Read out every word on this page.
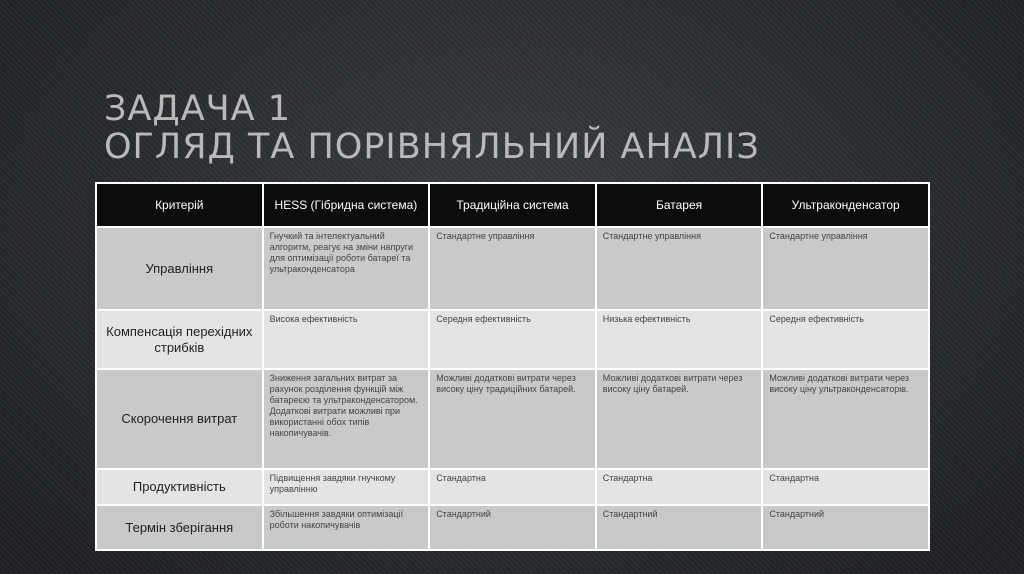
ЗАДАЧА 1
ОГЛЯД ТА ПОРІВНЯЛЬНИЙ АНАЛІЗ
Критерій	HESS (Гібридна система)	Традиційна система	Батарея	Ультраконденсатор
Управління	Гнучкий та інтелектуальний алгоритм, реагує на зміни напруги для оптимізації роботи батареї та ультраконденсатора	Стандартне управління	Стандартне управління	Стандартне управління
Компенсація перехідних стрибків	Висока ефективність	Середня ефективність	Низька ефективність	Середня ефективність
Скорочення витрат	Зниження загальних витрат за рахунок розділення функцій між батареєю та ультраконденсатором. Додаткові витрати можливі при використанні обох типів накопичувачів.	Можливі додаткові витрати через високу ціну традиційних батарей.	Можливі додаткові витрати через високу ціну батарей.	Можливі додаткові витрати через високу ціну ультраконденсаторів.
Продуктивність	Підвищення завдяки гнучкому управлінню	Стандартна	Стандартна	Стандартна
Термін зберігання	Збільшення завдяки оптимізації роботи накопичувачів	Стандартний	Стандартний	Стандартний
